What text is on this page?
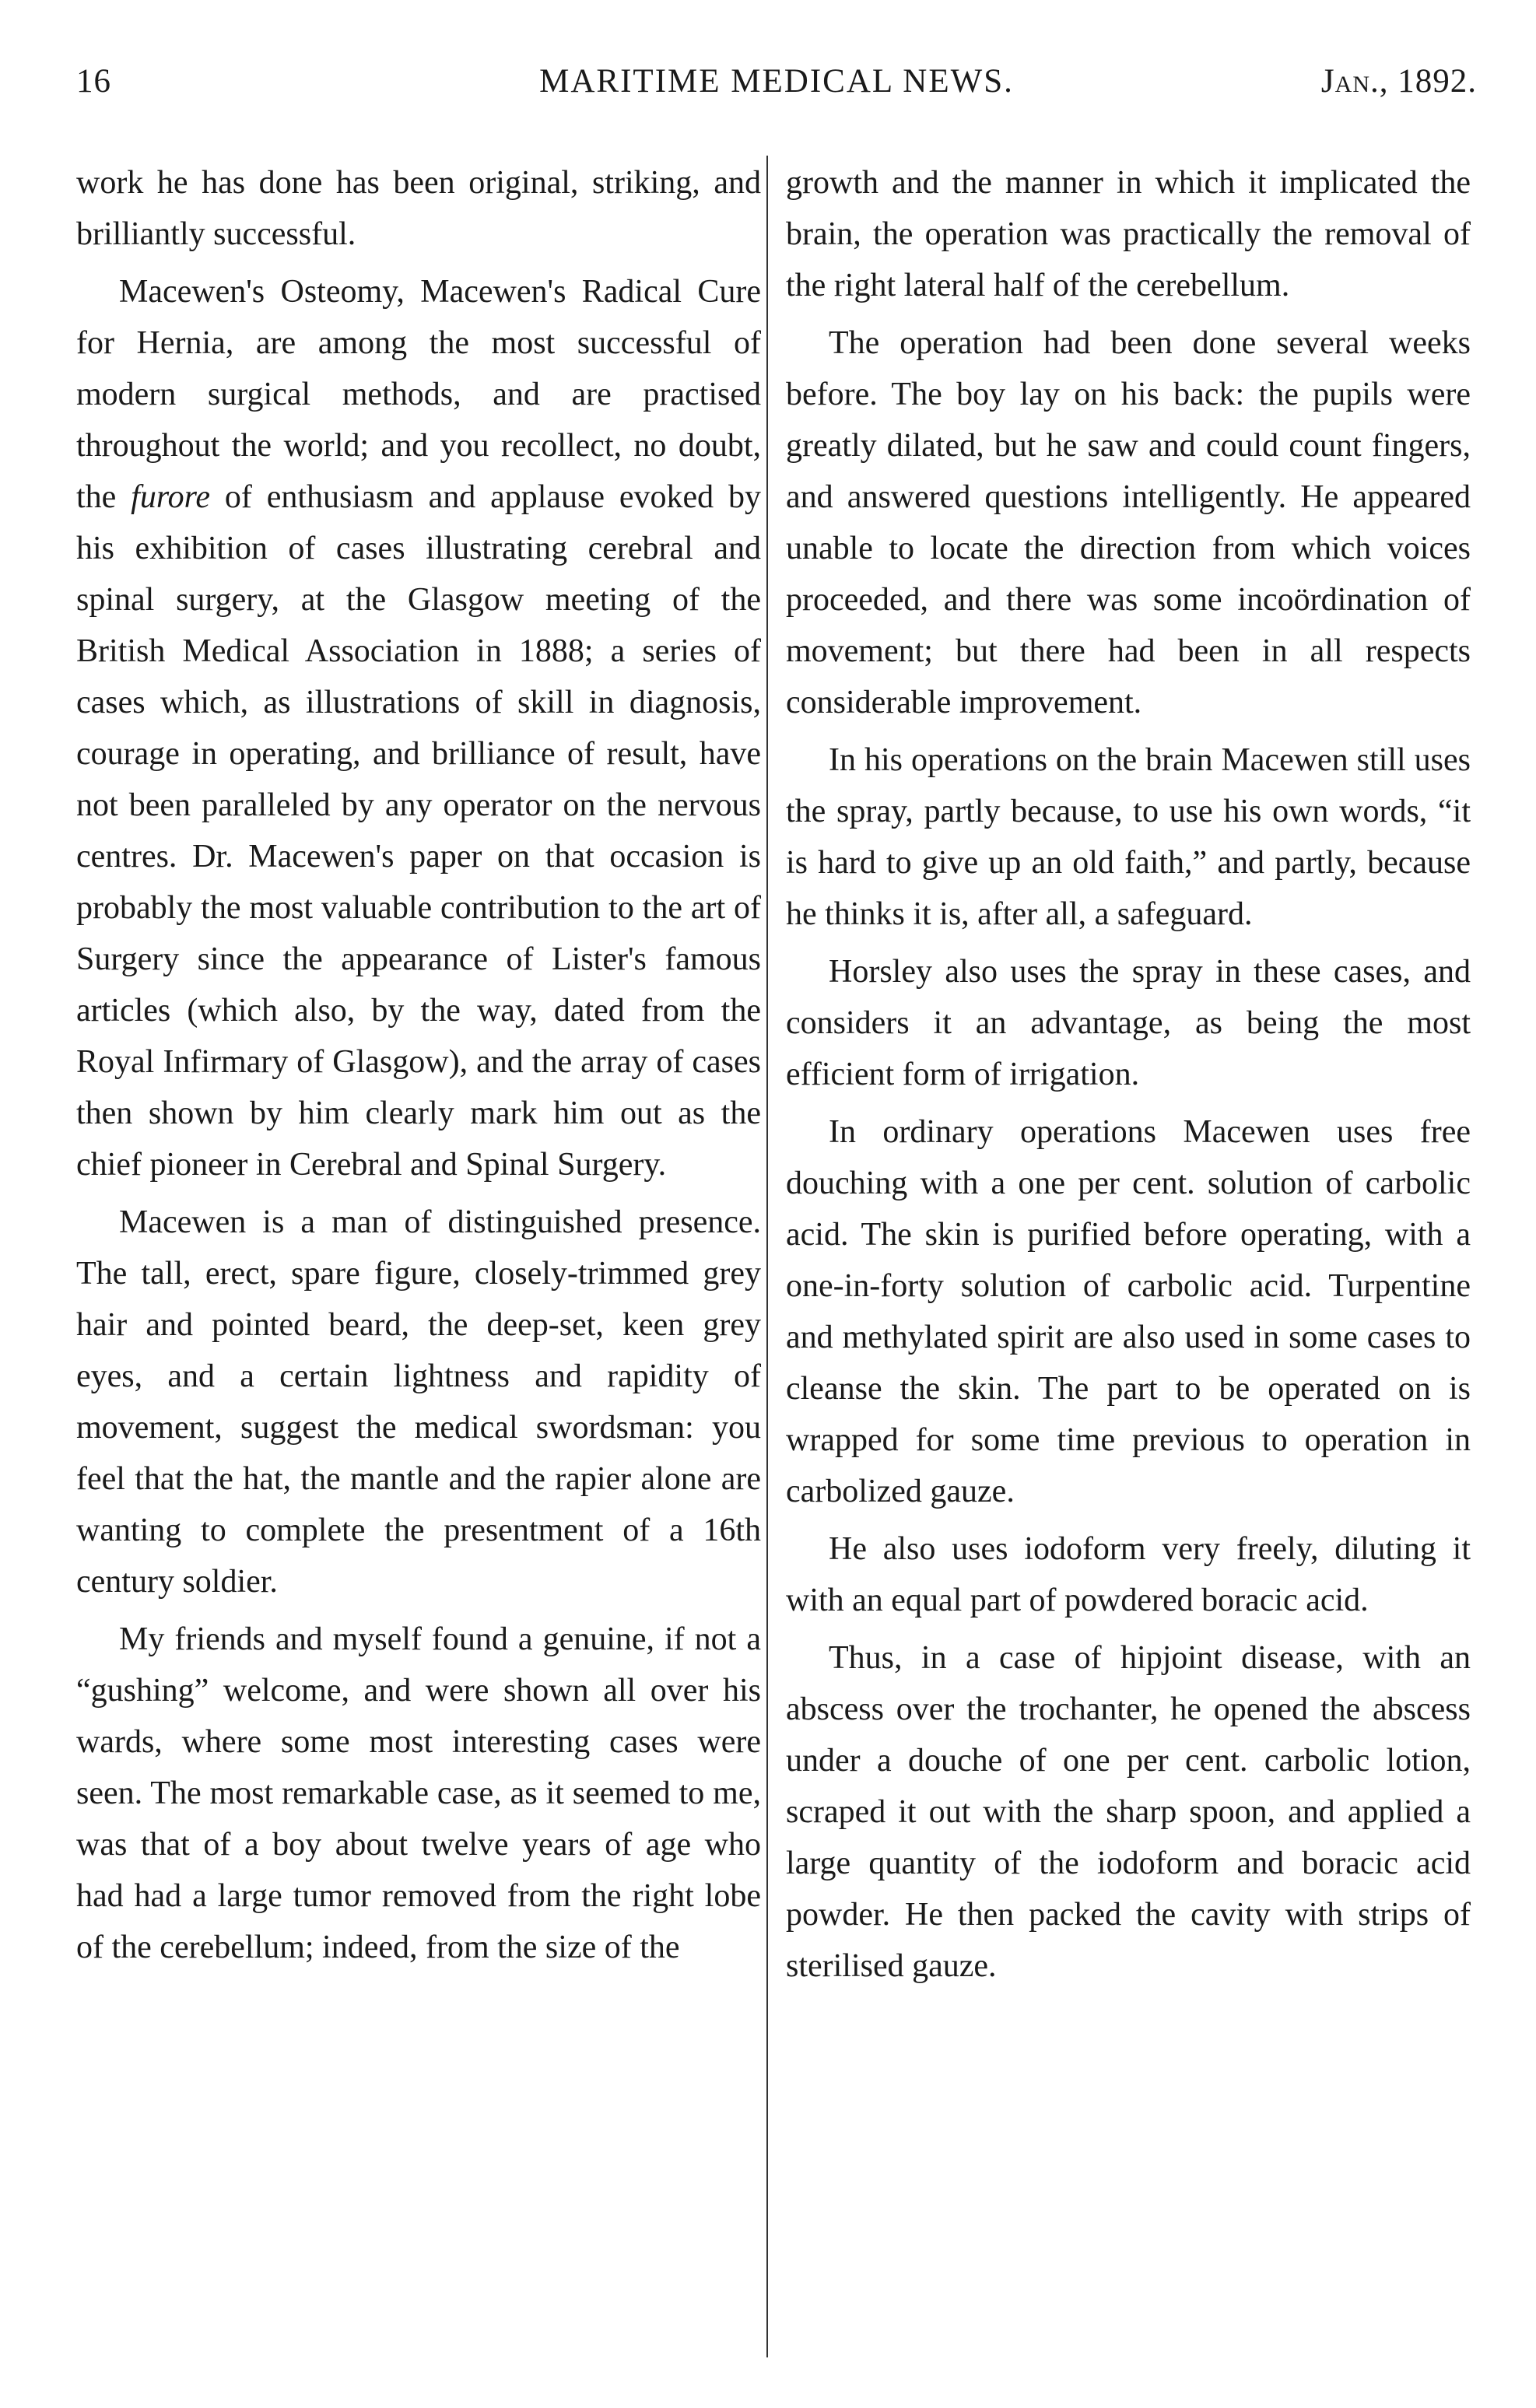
16	MARITIME MEDICAL NEWS.	Jan., 1892.

work he has done has been original, striking, and brilliantly successful.

Macewen's Osteomy, Macewen's Radical Cure for Hernia, are among the most successful of modern surgical methods, and are practised throughout the world; and you recollect, no doubt, the furore of enthusiasm and applause evoked by his exhibition of cases illustrating cerebral and spinal surgery, at the Glasgow meeting of the British Medical Association in 1888; a series of cases which, as illustrations of skill in diagnosis, courage in operating, and brilliance of result, have not been paralleled by any operator on the nervous centres. Dr. Macewen's paper on that occasion is probably the most valuable contribution to the art of Surgery since the appearance of Lister's famous articles (which also, by the way, dated from the Royal Infirmary of Glasgow), and the array of cases then shown by him clearly mark him out as the chief pioneer in Cerebral and Spinal Surgery.

Macewen is a man of distinguished presence. The tall, erect, spare figure, closely-trimmed grey hair and pointed beard, the deep-set, keen grey eyes, and a certain lightness and rapidity of movement, suggest the medical swordsman: you feel that the hat, the mantle and the rapier alone are wanting to complete the presentment of a 16th century soldier.

My friends and myself found a genuine, if not a “gushing” welcome, and were shown all over his wards, where some most interesting cases were seen. The most remarkable case, as it seemed to me, was that of a boy about twelve years of age who had had a large tumor removed from the right lobe of the cerebellum; indeed, from the size of the

growth and the manner in which it implicated the brain, the operation was practically the removal of the right lateral half of the cerebellum.

The operation had been done several weeks before. The boy lay on his back: the pupils were greatly dilated, but he saw and could count fingers, and answered questions intelligently. He appeared unable to locate the direction from which voices proceeded, and there was some incoördination of movement; but there had been in all respects considerable improvement.

In his operations on the brain Macewen still uses the spray, partly because, to use his own words, “it is hard to give up an old faith,” and partly, because he thinks it is, after all, a safeguard.

Horsley also uses the spray in these cases, and considers it an advantage, as being the most efficient form of irrigation.

In ordinary operations Macewen uses free douching with a one per cent. solution of carbolic acid. The skin is purified before operating, with a one-in-forty solution of carbolic acid. Turpentine and methylated spirit are also used in some cases to cleanse the skin. The part to be operated on is wrapped for some time previous to operation in carbolized gauze.

He also uses iodoform very freely, diluting it with an equal part of powdered boracic acid.

Thus, in a case of hipjoint disease, with an abscess over the trochanter, he opened the abscess under a douche of one per cent. carbolic lotion, scraped it out with the sharp spoon, and applied a large quantity of the iodoform and boracic acid powder. He then packed the cavity with strips of sterilised gauze.
